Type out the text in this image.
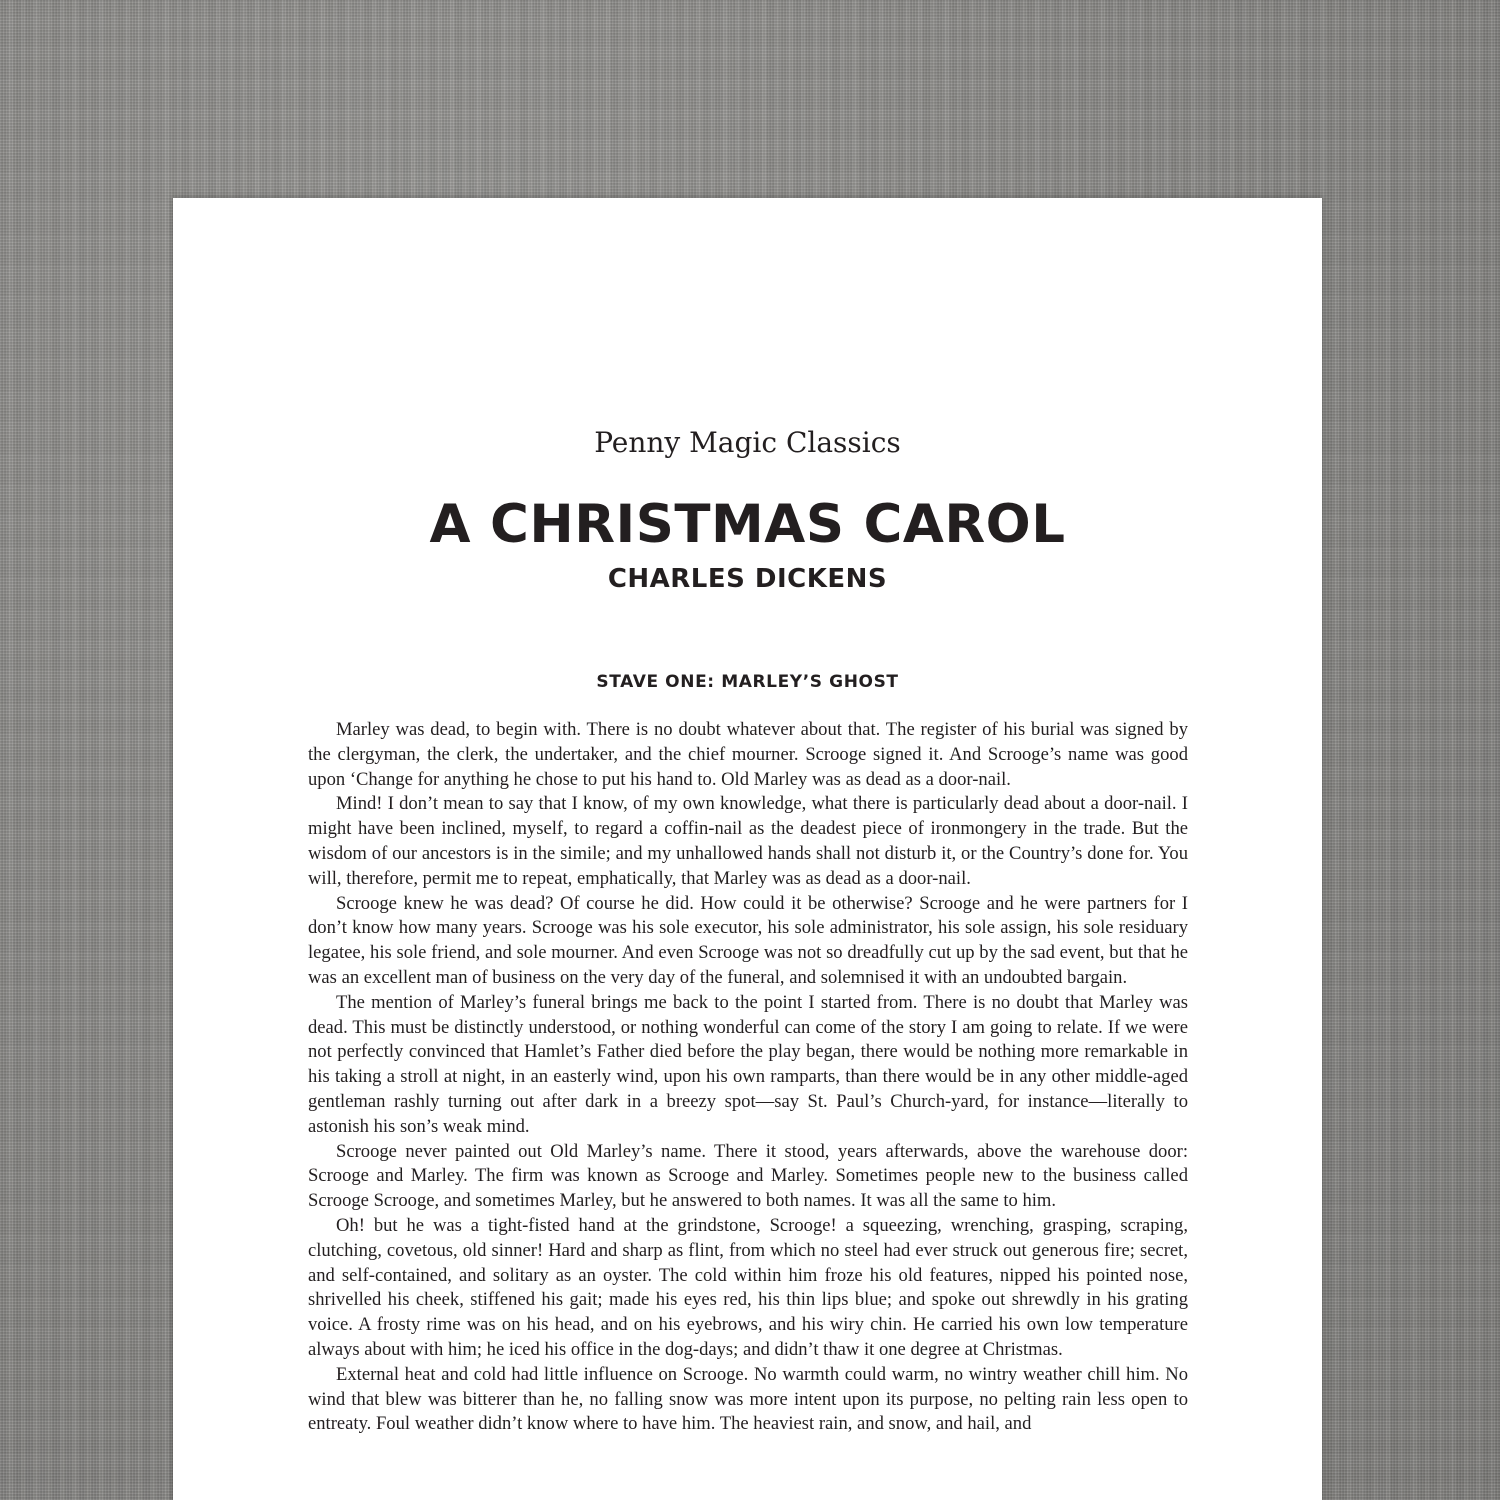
Penny Magic Classics
A CHRISTMAS CAROL
CHARLES DICKENS
STAVE ONE: MARLEY’S GHOST

Marley was dead, to begin with. There is no doubt whatever about that. The register of his burial was signed by the clergyman, the clerk, the undertaker, and the chief mourner. Scrooge signed it. And Scrooge’s name was good upon ‘Change for anything he chose to put his hand to. Old Marley was as dead as a door-nail.

Mind! I don’t mean to say that I know, of my own knowledge, what there is particularly dead about a door-nail. I might have been inclined, myself, to regard a coffin-nail as the deadest piece of ironmongery in the trade. But the wisdom of our ancestors is in the simile; and my unhallowed hands shall not disturb it, or the Country’s done for. You will, therefore, permit me to repeat, emphatically, that Marley was as dead as a door-nail.

Scrooge knew he was dead? Of course he did. How could it be otherwise? Scrooge and he were partners for I don’t know how many years. Scrooge was his sole executor, his sole administrator, his sole assign, his sole residuary legatee, his sole friend, and sole mourner. And even Scrooge was not so dreadfully cut up by the sad event, but that he was an excellent man of business on the very day of the funeral, and solemnised it with an undoubted bargain.

The mention of Marley’s funeral brings me back to the point I started from. There is no doubt that Marley was dead. This must be distinctly understood, or nothing wonderful can come of the story I am going to relate. If we were not perfectly convinced that Hamlet’s Father died before the play began, there would be nothing more remarkable in his taking a stroll at night, in an easterly wind, upon his own ramparts, than there would be in any other middle-aged gentleman rashly turning out after dark in a breezy spot—say St. Paul’s Church-yard, for instance—literally to astonish his son’s weak mind.

Scrooge never painted out Old Marley’s name. There it stood, years afterwards, above the warehouse door: Scrooge and Marley. The firm was known as Scrooge and Marley. Sometimes people new to the business called Scrooge Scrooge, and sometimes Marley, but he answered to both names. It was all the same to him.

Oh! but he was a tight-fisted hand at the grindstone, Scrooge! a squeezing, wrenching, grasping, scraping, clutching, covetous, old sinner! Hard and sharp as flint, from which no steel had ever struck out generous fire; secret, and self-contained, and solitary as an oyster. The cold within him froze his old features, nipped his pointed nose, shrivelled his cheek, stiffened his gait; made his eyes red, his thin lips blue; and spoke out shrewdly in his grating voice. A frosty rime was on his head, and on his eyebrows, and his wiry chin. He carried his own low temperature always about with him; he iced his office in the dog-days; and didn’t thaw it one degree at Christmas.

External heat and cold had little influence on Scrooge. No warmth could warm, no wintry weather chill him. No wind that blew was bitterer than he, no falling snow was more intent upon its purpose, no pelting rain less open to entreaty. Foul weather didn’t know where to have him. The heaviest rain, and snow, and hail, and
